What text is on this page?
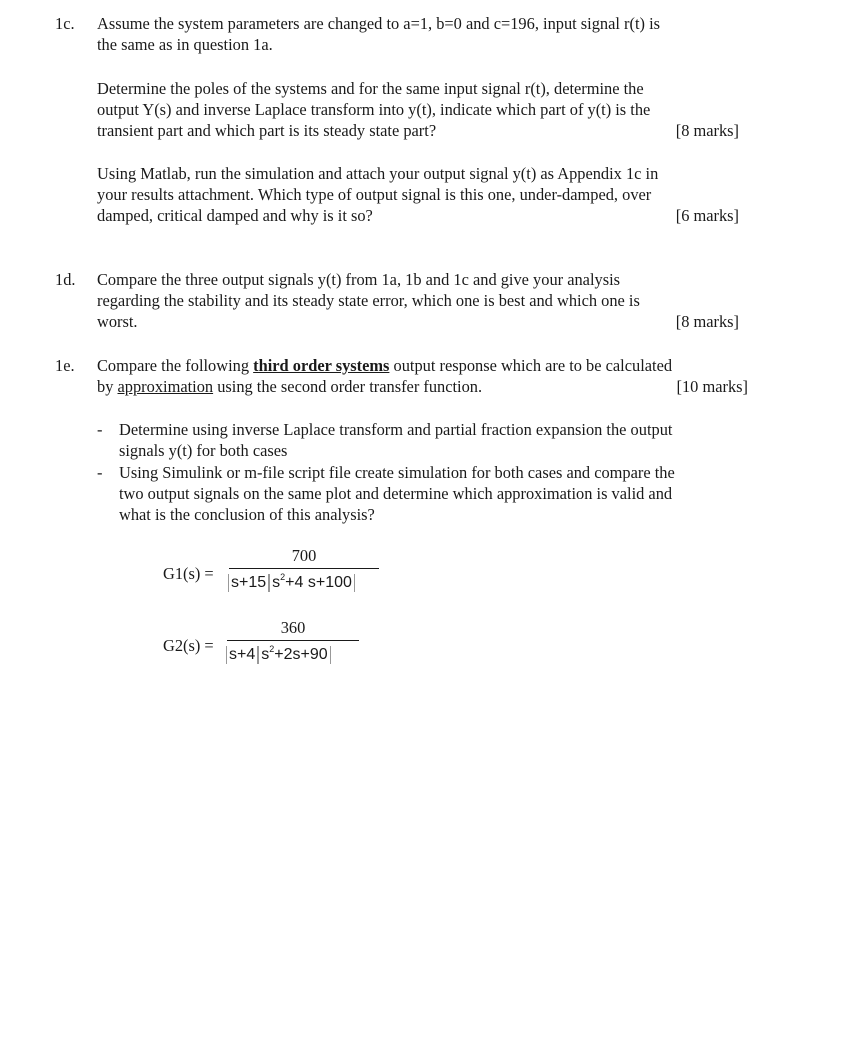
1c. Assume the system parameters are changed to a=1, b=0 and c=196, input signal r(t) is
the same as in question 1a.
Determine the poles of the systems and for the same input signal r(t), determine the
output Y(s) and inverse Laplace transform into y(t), indicate which part of y(t) is the
transient part and which part is its steady state part?	[8 marks]
Using Matlab, run the simulation and attach your output signal y(t) as Appendix 1c in
your results attachment. Which type of output signal is this one, under-damped, over
damped, critical damped and why is it so?	[6 marks]
1d. Compare the three output signals y(t) from 1a, 1b and 1c and give your analysis
regarding the stability and its steady state error, which one is best and which one is
worst.	[8 marks]
1e. Compare the following third order systems output response which are to be calculated
by approximation using the second order transfer function.	[10 marks]
- Determine using inverse Laplace transform and partial fraction expansion the output
signals y(t) for both cases
- Using Simulink or m-file script file create simulation for both cases and compare the
two output signals on the same plot and determine which approximation is valid and
what is the conclusion of this analysis?
G1(s) =
700
s+15 $s^2+4$ s+100
G2(s) =
360
s+4 $s^2+2s+90$
